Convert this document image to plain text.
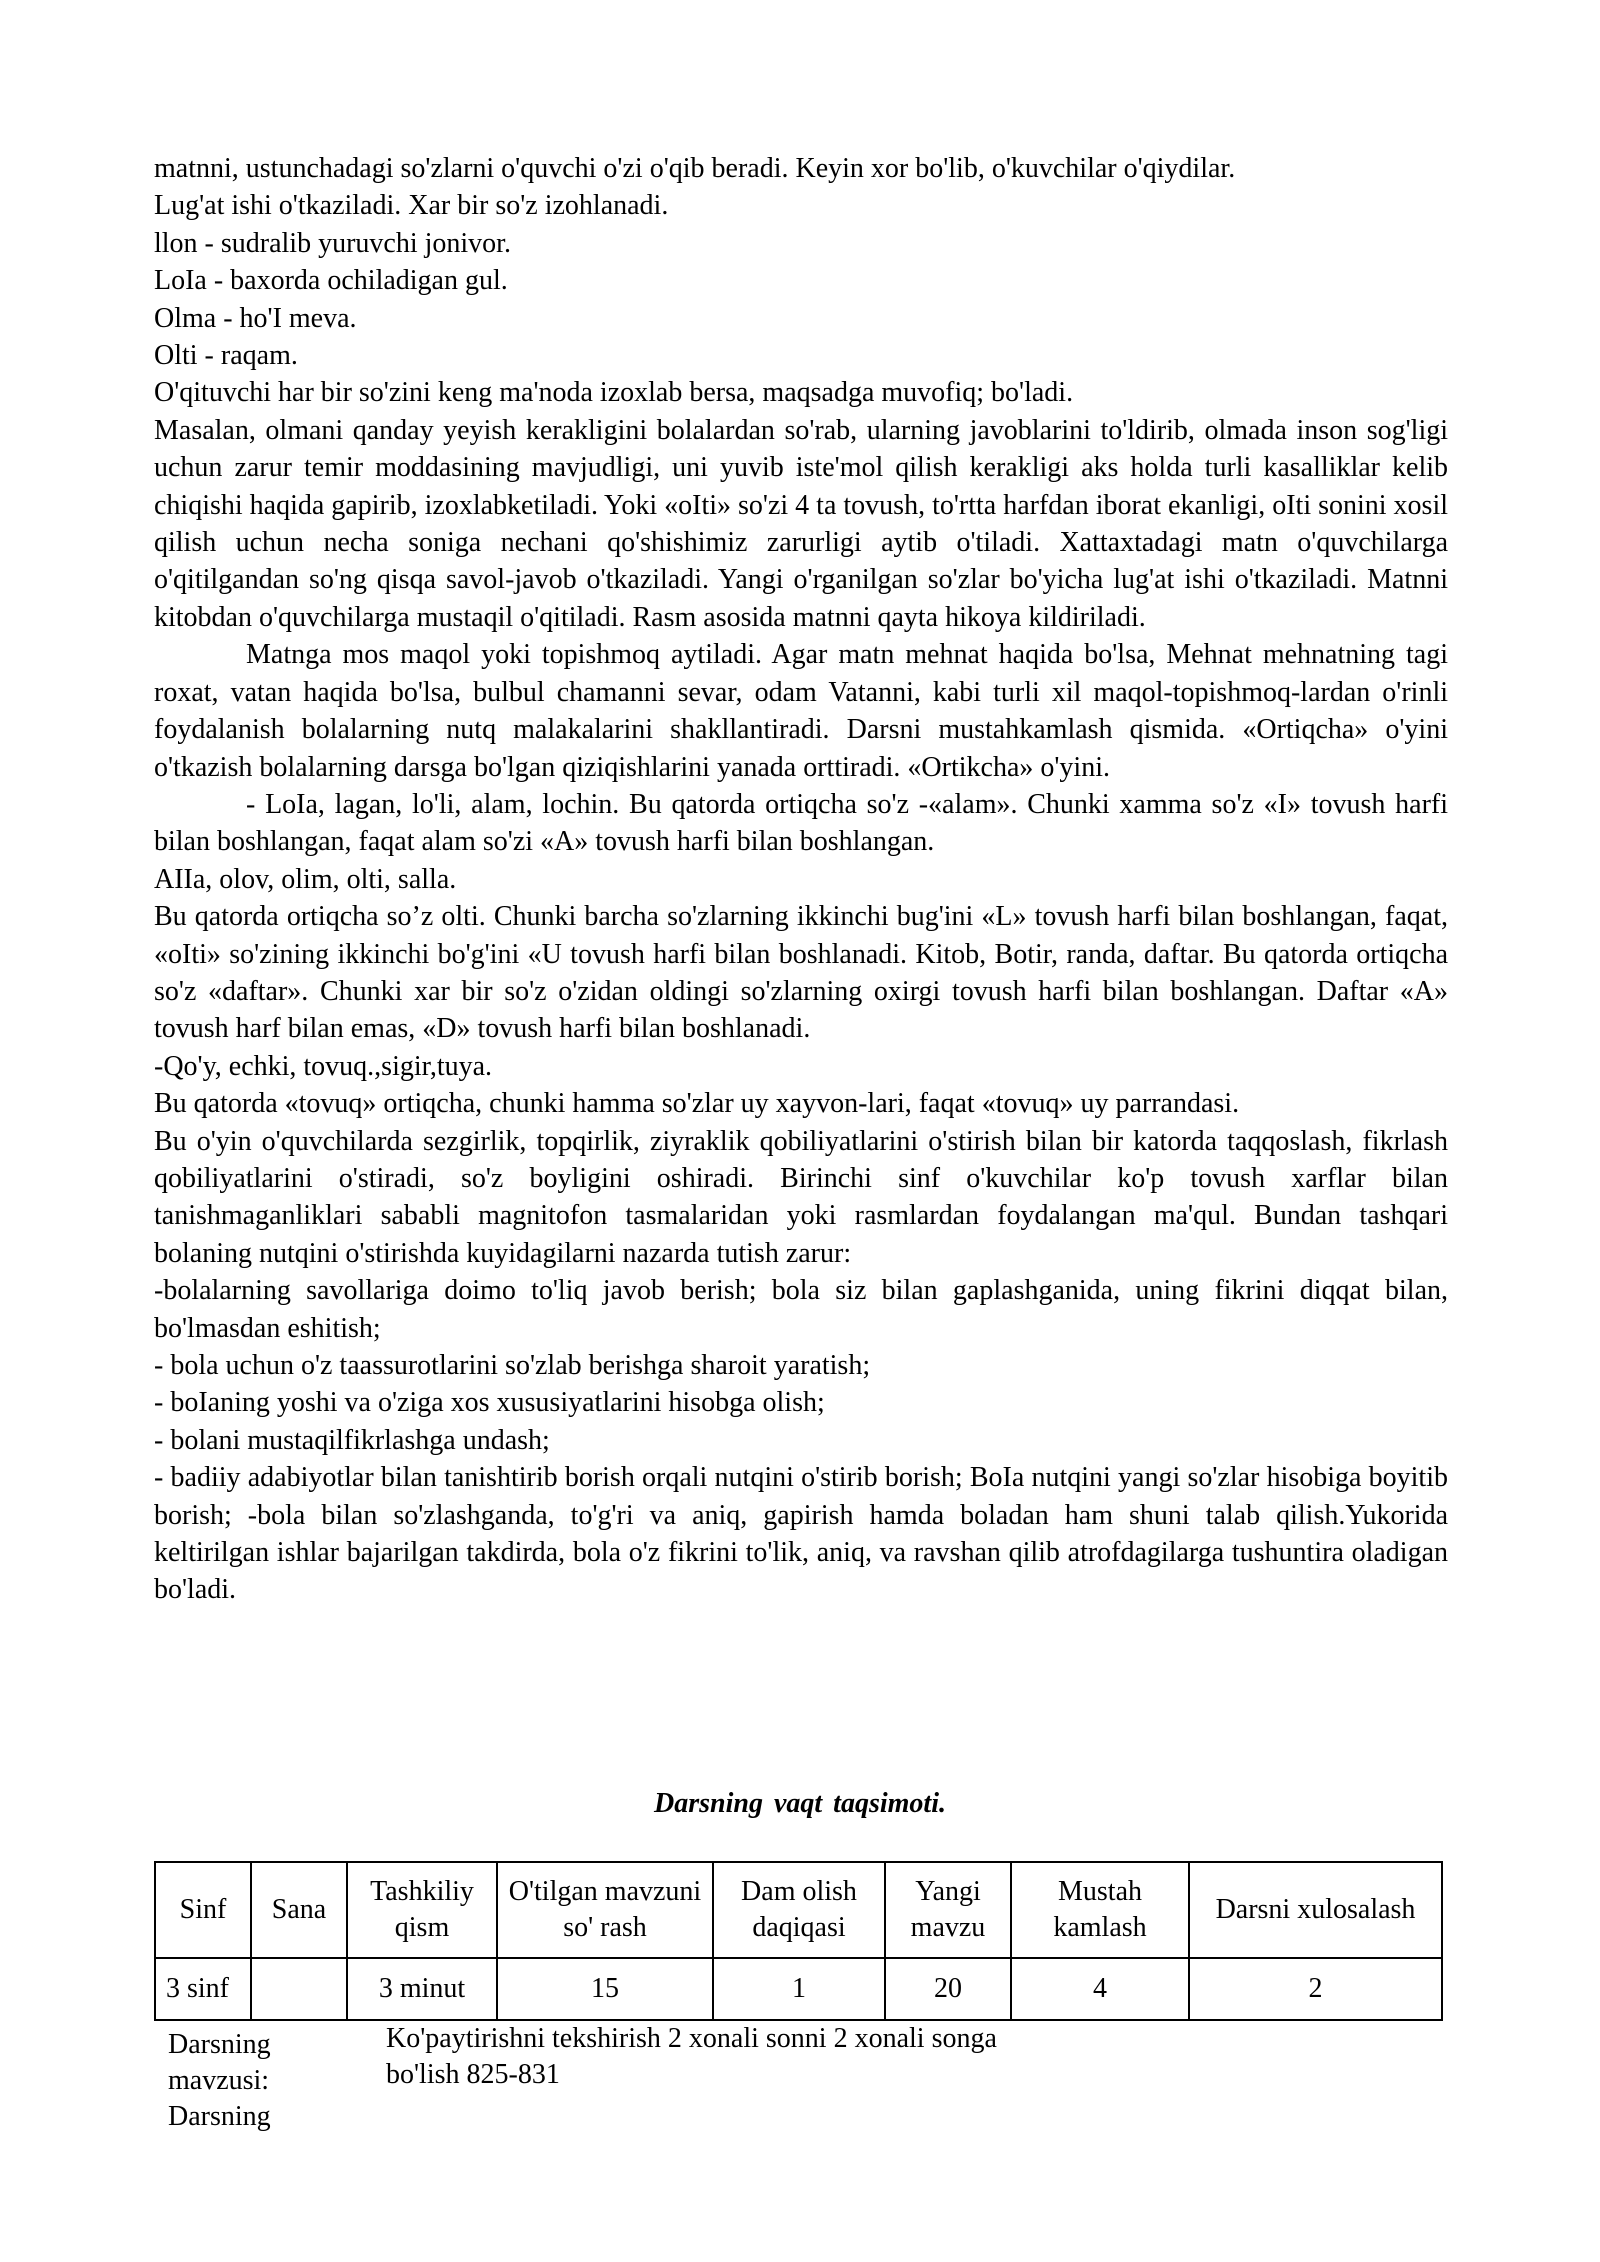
matnni, ustunchadagi so'zlarni o'quvchi o'zi o'qib beradi. Keyin xor bo'lib, o'kuvchilar o'qiydilar.

Lug'at ishi o'tkaziladi. Xar bir so'z izohlanadi.

llon - sudralib yuruvchi jonivor.

LoIa - baxorda ochiladigan gul.

Olma - ho'I meva.

Olti - raqam.

O'qituvchi har bir so'zini keng ma'noda izoxlab bersa, maqsadga muvofiq; bo'ladi.

Masalan, olmani qanday yeyish kerakligini bolalardan so'rab, ularning javoblarini to'ldirib, olmada inson sog'ligi uchun zarur temir moddasining mavjudligi, uni yuvib iste'mol qilish kerakligi aks holda turli kasalliklar kelib chiqishi haqida gapirib, izoxlabketiladi. Yoki «oIti» so'zi 4 ta tovush, to'rtta harfdan iborat ekanligi, oIti sonini xosil qilish uchun necha soniga nechani qo'shishimiz zarurligi aytib o'tiladi. Xattaxtadagi matn o'quvchilarga o'qitilgandan so'ng qisqa savol-javob o'tkaziladi. Yangi o'rganilgan so'zlar bo'yicha lug'at ishi o'tkaziladi. Matnni kitobdan o'quvchilarga mustaqil o'qitiladi. Rasm asosida matnni qayta hikoya kildiriladi.

Matnga mos maqol yoki topishmoq aytiladi. Agar matn mehnat haqida bo'lsa, Mehnat mehnatning tagi roxat, vatan haqida bo'lsa, bulbul chamanni sevar, odam Vatanni, kabi turli xil maqol-topishmoq-lardan o'rinli foydalanish bolalarning nutq malakalarini shakllantiradi. Darsni mustahkamlash qismida. «Ortiqcha» o'yini o'tkazish bolalarning darsga bo'lgan qiziqishlarini yanada orttiradi. «Ortikcha» o'yini.

- LoIa, lagan, lo'li, alam, lochin. Bu qatorda ortiqcha so'z -«alam». Chunki xamma so'z «I» tovush harfi bilan boshlangan, faqat alam so'zi «A» tovush harfi bilan boshlangan.

AIIa, olov, olim, olti, salla.

Bu qatorda ortiqcha so’z olti. Chunki barcha so'zlarning ikkinchi bug'ini «L» tovush harfi bilan boshlangan, faqat, «oIti» so'zining ikkinchi bo'g'ini «U tovush harfi bilan boshlanadi. Kitob, Botir, randa, daftar. Bu qatorda ortiqcha so'z «daftar». Chunki xar bir so'z o'zidan oldingi so'zlarning oxirgi tovush harfi bilan boshlangan. Daftar «A» tovush harf bilan emas, «D» tovush harfi bilan boshlanadi.

-Qo'y, echki, tovuq.,sigir,tuya.

Bu qatorda «tovuq» ortiqcha, chunki hamma so'zlar uy xayvon-lari, faqat «tovuq» uy parrandasi.

Bu o'yin o'quvchilarda sezgirlik, topqirlik, ziyraklik qobiliyatlarini o'stirish bilan bir katorda taqqoslash, fikrlash qobiliyatlarini o'stiradi, so'z boyligini oshiradi. Birinchi sinf o'kuvchilar ko'p tovush xarflar bilan tanishmaganliklari sababli magnitofon tasmalaridan yoki rasmlardan foydalangan ma'qul. Bundan tashqari bolaning nutqini o'stirishda kuyidagilarni nazarda tutish zarur:

-bolalarning savollariga doimo to'liq javob berish; bola siz bilan gaplashganida, uning fikrini diqqat bilan, bo'lmasdan eshitish;

- bola uchun o'z taassurotlarini so'zlab berishga sharoit yaratish;

- boIaning yoshi va o'ziga xos xususiyatlarini hisobga olish;

- bolani mustaqilfikrlashga undash;

- badiiy adabiyotlar bilan tanishtirib borish orqali nutqini o'stirib borish; BoIa nutqini yangi so'zlar hisobiga boyitib borish; -bola bilan so'zlashganda, to'g'ri va aniq, gapirish hamda boladan ham shuni talab qilish.Yukorida keltirilgan ishlar bajarilgan takdirda, bola o'z fikrini to'lik, aniq, va ravshan qilib atrofdagilarga tushuntira oladigan bo'ladi.

Darsning vaqt taqsimoti.
Sinf	Sana	Tashkiliy qism	O'tilgan mavzuni so' rash	Dam olish daqiqasi	Yangi mavzu	Mustah kamlash	Darsni xulosalash
3 sinf		3 minut	15	1	20	4	2
Darsning
mavzusi:
Darsning
Ko'paytirishni tekshirish 2 xonali sonni 2 xonali songa bo'lish 825-831
